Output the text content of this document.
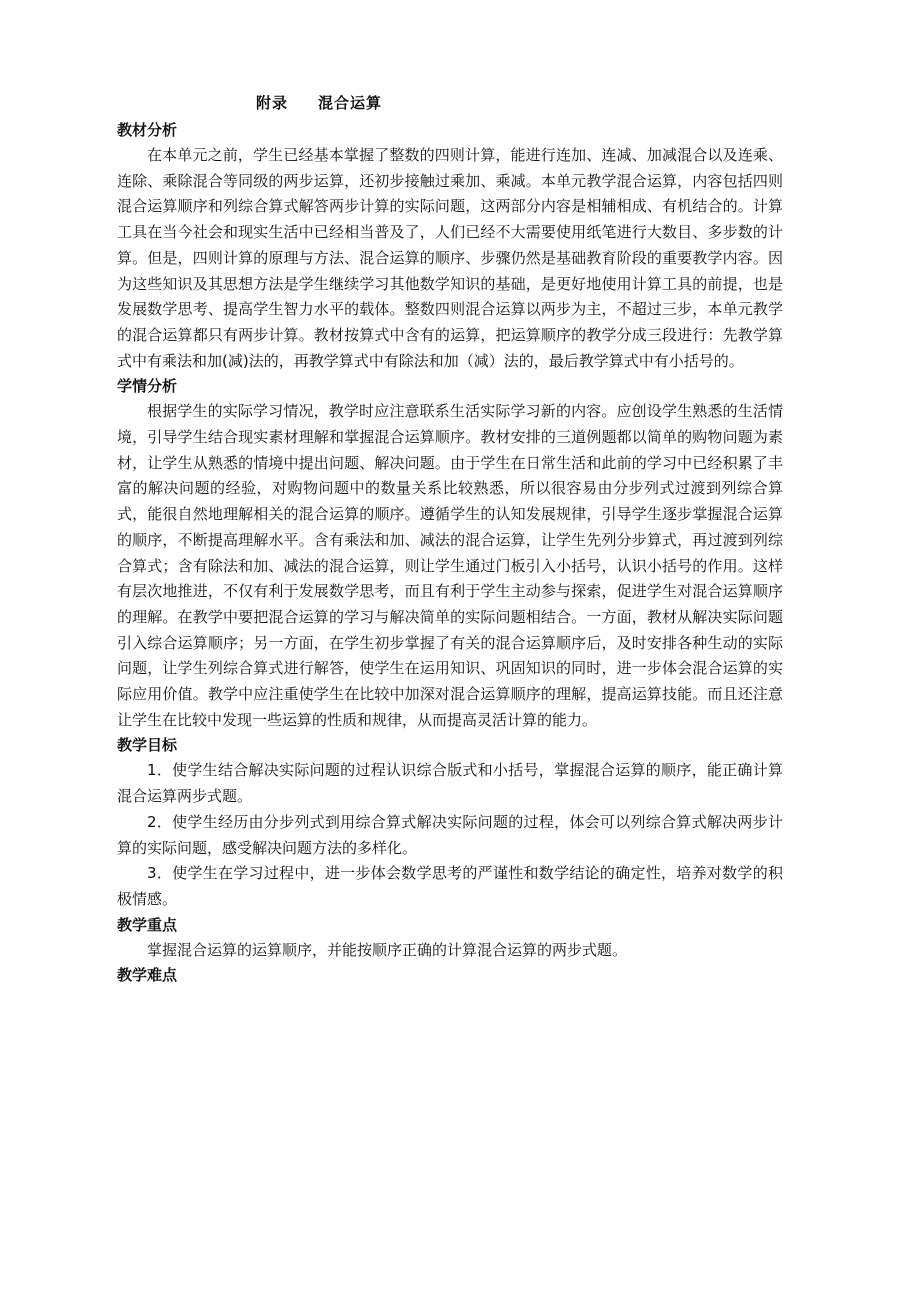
附录 混合运算
教材分析

在本单元之前，学生已经基本掌握了整数的四则计算，能进行连加、连减、加减混合以及连乘、连除、乘除混合等同级的两步运算，还初步接触过乘加、乘减。本单元教学混合运算，内容包括四则混合运算顺序和列综合算式解答两步计算的实际问题，这两部分内容是相辅相成、有机结合的。计算工具在当今社会和现实生活中已经相当普及了，人们已经不大需要使用纸笔进行大数目、多步数的计算。但是，四则计算的原理与方法、混合运算的顺序、步骤仍然是基础教育阶段的重要教学内容。因为这些知识及其思想方法是学生继续学习其他数学知识的基础，是更好地使用计算工具的前提，也是发展数学思考、提高学生智力水平的载体。整数四则混合运算以两步为主，不超过三步，本单元教学的混合运算都只有两步计算。教材按算式中含有的运算，把运算顺序的教学分成三段进行：先教学算式中有乘法和加(减)法的，再教学算式中有除法和加（减）法的，最后教学算式中有小括号的。

学情分析

根据学生的实际学习情况，教学时应注意联系生活实际学习新的内容。应创设学生熟悉的生活情境，引导学生结合现实素材理解和掌握混合运算顺序。教材安排的三道例题都以简单的购物问题为素材，让学生从熟悉的情境中提出问题、解决问题。由于学生在日常生活和此前的学习中已经积累了丰富的解决问题的经验，对购物问题中的数量关系比较熟悉，所以很容易由分步列式过渡到列综合算式，能很自然地理解相关的混合运算的顺序。遵循学生的认知发展规律，引导学生逐步掌握混合运算的顺序，不断提高理解水平。含有乘法和加、减法的混合运算，让学生先列分步算式，再过渡到列综合算式；含有除法和加、减法的混合运算，则让学生通过门板引入小括号，认识小括号的作用。这样有层次地推进，不仅有利于发展数学思考，而且有利于学生主动参与探索，促进学生对混合运算顺序的理解。在教学中要把混合运算的学习与解决简单的实际问题相结合。一方面，教材从解决实际问题引入综合运算顺序；另一方面，在学生初步掌握了有关的混合运算顺序后，及时安排各种生动的实际问题，让学生列综合算式进行解答，使学生在运用知识、巩固知识的同时，进一步体会混合运算的实际应用价值。教学中应注重使学生在比较中加深对混合运算顺序的理解，提高运算技能。而且还注意让学生在比较中发现一些运算的性质和规律，从而提高灵活计算的能力。

教学目标

1．使学生结合解决实际问题的过程认识综合版式和小括号，掌握混合运算的顺序，能正确计算混合运算两步式题。

2．使学生经历由分步列式到用综合算式解决实际问题的过程，体会可以列综合算式解决两步计算的实际问题，感受解决问题方法的多样化。

3．使学生在学习过程中，进一步体会数学思考的严谨性和数学结论的确定性，培养对数学的积极情感。

教学重点

掌握混合运算的运算顺序，并能按顺序正确的计算混合运算的两步式题。

教学难点
